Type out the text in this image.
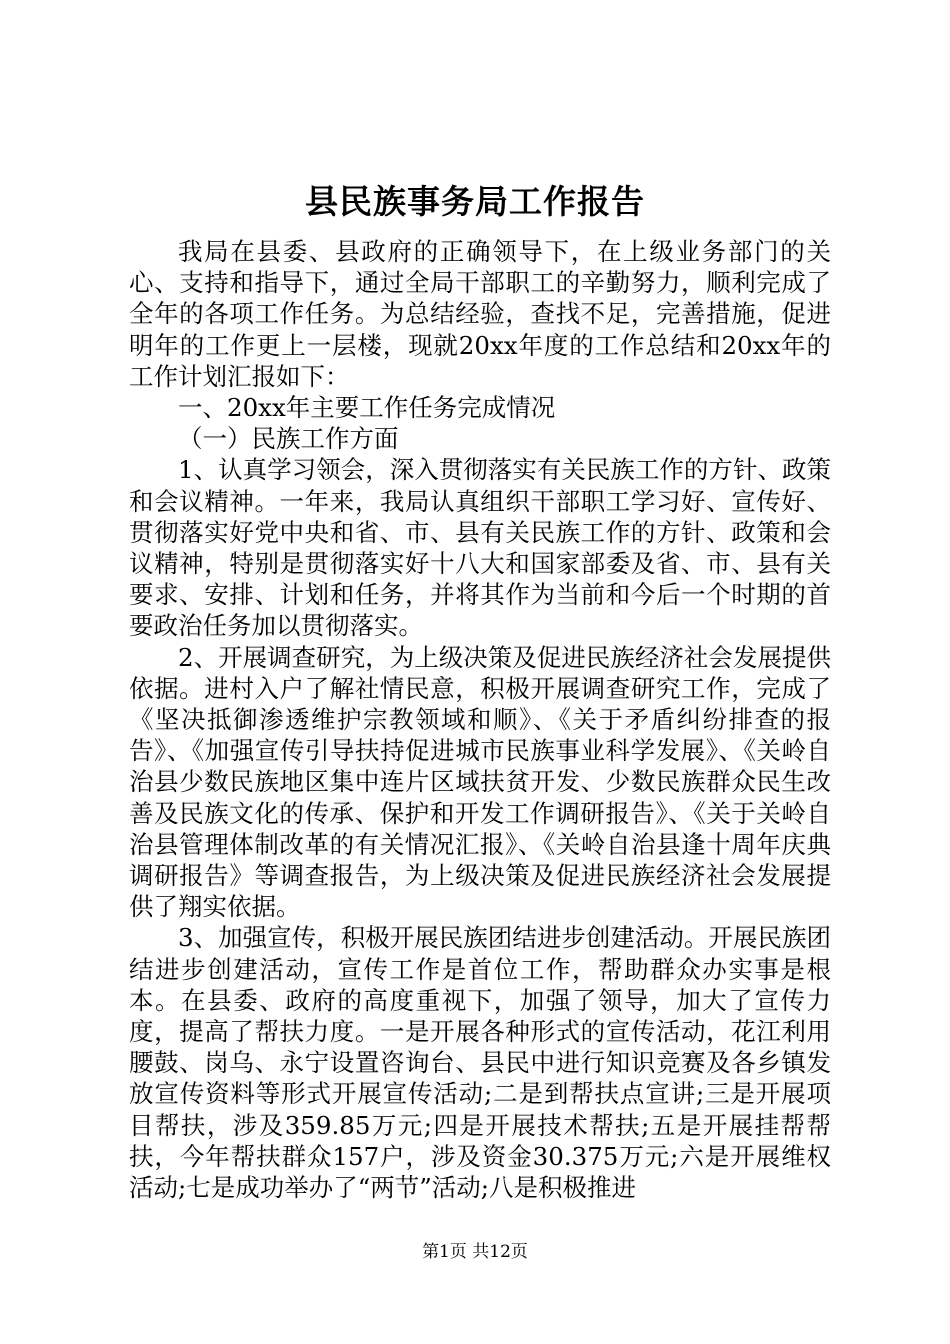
县民族事务局工作报告

我局在县委、县政府的正确领导下，在上级业务部门的关心、支持和指导下，通过全局干部职工的辛勤努力，顺利完成了全年的各项工作任务。为总结经验，查找不足，完善措施，促进明年的工作更上一层楼，现就20xx年度的工作总结和20xx年的工作计划汇报如下：

一、20xx年主要工作任务完成情况

（一）民族工作方面

1、认真学习领会，深入贯彻落实有关民族工作的方针、政策和会议精神。一年来，我局认真组织干部职工学习好、宣传好、贯彻落实好党中央和省、市、县有关民族工作的方针、政策和会议精神，特别是贯彻落实好十八大和国家部委及省、市、县有关要求、安排、计划和任务，并将其作为当前和今后一个时期的首要政治任务加以贯彻落实。

2、开展调查研究，为上级决策及促进民族经济社会发展提供依据。进村入户了解社情民意，积极开展调查研究工作，完成了《坚决抵御渗透维护宗教领域和顺》、《关于矛盾纠纷排查的报告》、《加强宣传引导扶持促进城市民族事业科学发展》、《关岭自治县少数民族地区集中连片区域扶贫开发、少数民族群众民生改善及民族文化的传承、保护和开发工作调研报告》、《关于关岭自治县管理体制改革的有关情况汇报》、《关岭自治县逢十周年庆典调研报告》等调查报告，为上级决策及促进民族经济社会发展提供了翔实依据。

3、加强宣传，积极开展民族团结进步创建活动。开展民族团结进步创建活动，宣传工作是首位工作，帮助群众办实事是根本。在县委、政府的高度重视下，加强了领导，加大了宣传力度，提高了帮扶力度。一是开展各种形式的宣传活动，花江利用腰鼓、岗乌、永宁设置咨询台、县民中进行知识竞赛及各乡镇发放宣传资料等形式开展宣传活动;二是到帮扶点宣讲;三是开展项目帮扶，涉及359.85万元;四是开展技术帮扶;五是开展挂帮帮扶，今年帮扶群众157户，涉及资金30.375万元;六是开展维权活动;七是成功举办了“两节”活动;八是积极推进

第1页 共12页
